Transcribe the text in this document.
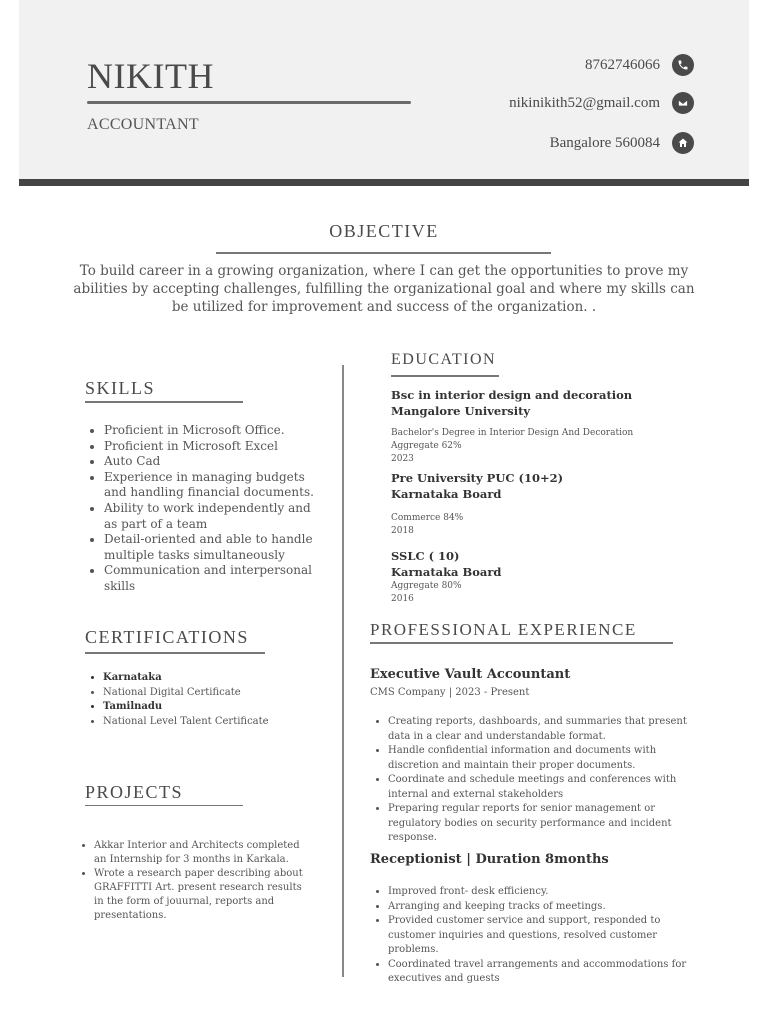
NIKITH
ACCOUNTANT
8762746066
nikinikith52@gmail.com
Bangalore 560084
OBJECTIVE
To build career in a growing organization, where I can get the opportunities to prove my abilities by accepting challenges, fulfilling the organizational goal and where my skills can be utilized for improvement and success of the organization. .
SKILLS
• Proficient in Microsoft Office.
• Proficient in Microsoft Excel
• Auto Cad
• Experience in managing budgets and handling financial documents.
• Ability to work independently and as part of a team
• Detail-oriented and able to handle multiple tasks simultaneously
• Communication and interpersonal skills
CERTIFICATIONS
• Karnataka
• National Digital Certificate
• Tamilnadu
• National Level Talent Certificate
PROJECTS
• Akkar Interior and Architects completed an Internship for 3 months in Karkala.
• Wrote a research paper describing about GRAFFITTI Art. present research results in the form of jouurnal, reports and presentations.
EDUCATION
Bsc in interior design and decoration
Mangalore University
Bachelor's Degree in Interior Design And Decoration
Aggregate 62%
2023
Pre University PUC (10+2)
Karnataka Board
Commerce 84%
2018
SSLC ( 10)
Karnataka Board
Aggregate 80%
2016
PROFESSIONAL EXPERIENCE
Executive Vault Accountant
CMS Company | 2023 - Present
• Creating reports, dashboards, and summaries that present data in a clear and understandable format.
• Handle confidential information and documents with discretion and maintain their proper documents.
• Coordinate and schedule meetings and conferences with internal and external stakeholders
• Preparing regular reports for senior management or regulatory bodies on security performance and incident response.
Receptionist | Duration 8months
• Improved front- desk efficiency.
• Arranging and keeping tracks of meetings.
• Provided customer service and support, responded to customer inquiries and questions, resolved customer problems.
• Coordinated travel arrangements and accommodations for executives and guests
